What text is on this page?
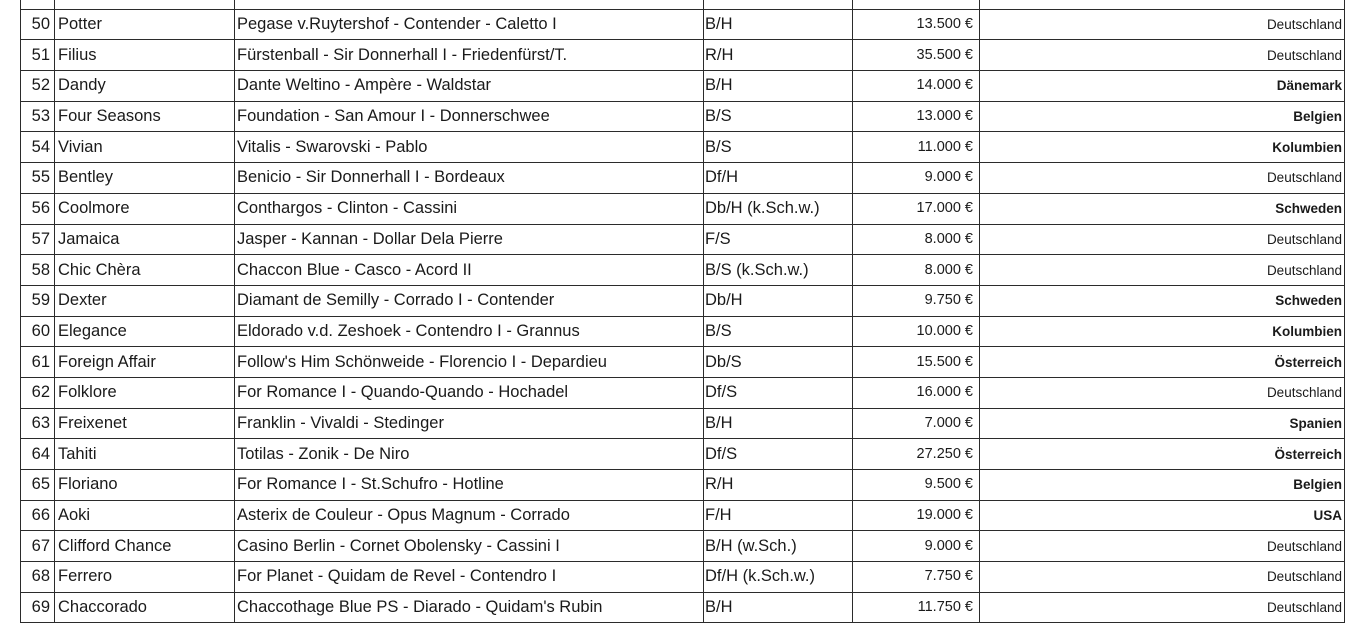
50	Potter	Pegase v.Ruytershof - Contender - Caletto I	B/H	13.500 €	Deutschland
51	Filius	Fürstenball - Sir Donnerhall I - Friedenfürst/T.	R/H	35.500 €	Deutschland
52	Dandy	Dante Weltino - Ampère - Waldstar	B/H	14.000 €	Dänemark
53	Four Seasons	Foundation - San Amour I - Donnerschwee	B/S	13.000 €	Belgien
54	Vivian	Vitalis - Swarovski - Pablo	B/S	11.000 €	Kolumbien
55	Bentley	Benicio - Sir Donnerhall I - Bordeaux	Df/H	9.000 €	Deutschland
56	Coolmore	Conthargos - Clinton - Cassini	Db/H (k.Sch.w.)	17.000 €	Schweden
57	Jamaica	Jasper - Kannan - Dollar Dela Pierre	F/S	8.000 €	Deutschland
58	Chic Chèra	Chaccon Blue - Casco - Acord II	B/S (k.Sch.w.)	8.000 €	Deutschland
59	Dexter	Diamant de Semilly - Corrado I - Contender	Db/H	9.750 €	Schweden
60	Elegance	Eldorado v.d. Zeshoek - Contendro I - Grannus	B/S	10.000 €	Kolumbien
61	Foreign Affair	Follow's Him Schönweide - Florencio I - Depardieu	Db/S	15.500 €	Österreich
62	Folklore	For Romance I - Quando-Quando - Hochadel	Df/S	16.000 €	Deutschland
63	Freixenet	Franklin - Vivaldi - Stedinger	B/H	7.000 €	Spanien
64	Tahiti	Totilas - Zonik - De Niro	Df/S	27.250 €	Österreich
65	Floriano	For Romance I - St.Schufro - Hotline	R/H	9.500 €	Belgien
66	Aoki	Asterix de Couleur - Opus Magnum - Corrado	F/H	19.000 €	USA
67	Clifford Chance	Casino Berlin - Cornet Obolensky - Cassini I	B/H (w.Sch.)	9.000 €	Deutschland
68	Ferrero	For Planet - Quidam de Revel - Contendro I	Df/H (k.Sch.w.)	7.750 €	Deutschland
69	Chaccorado	Chaccothage Blue PS - Diarado - Quidam's Rubin	B/H	11.750 €	Deutschland
